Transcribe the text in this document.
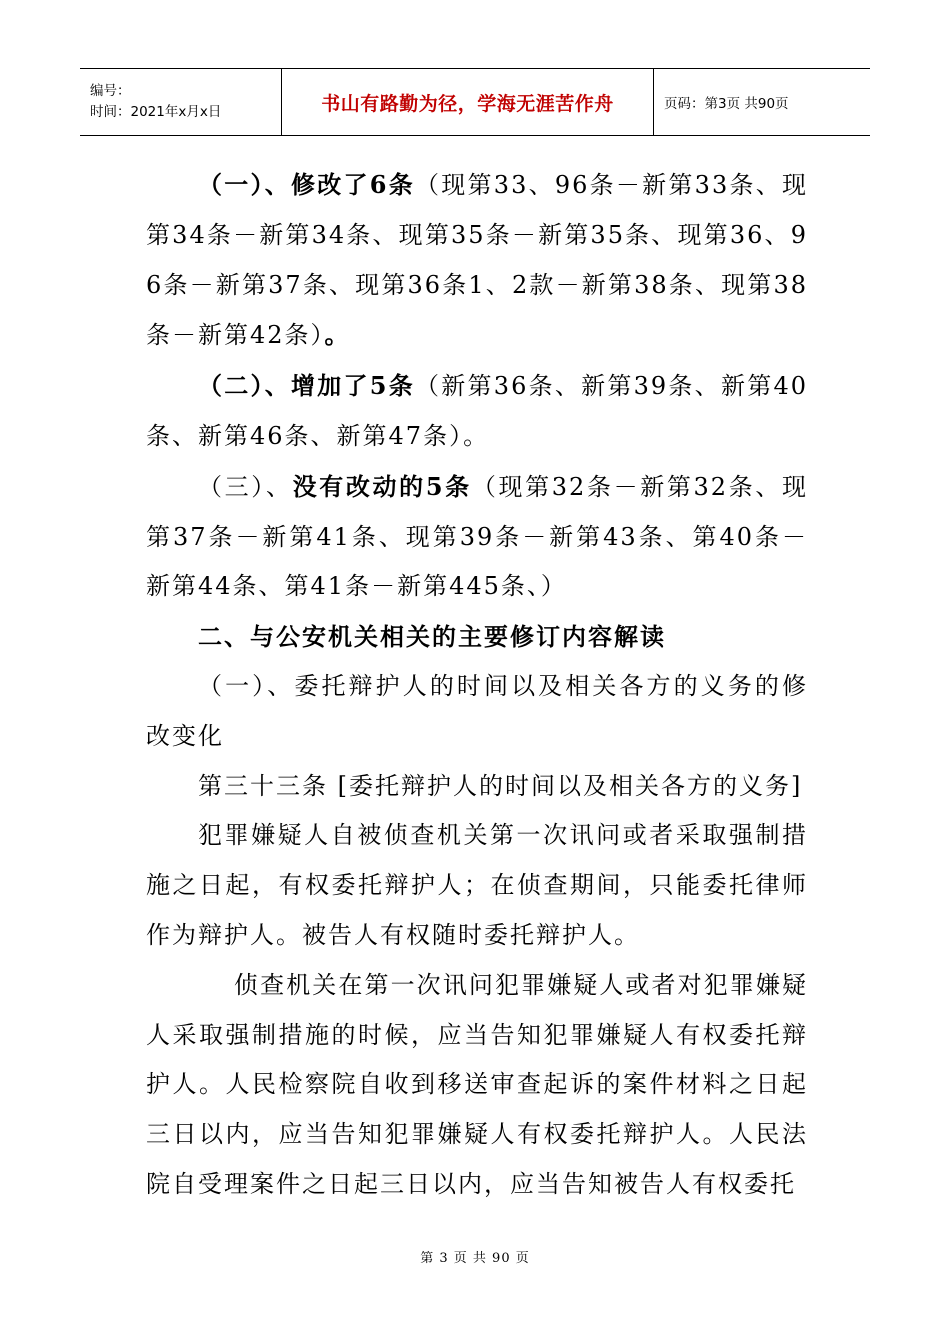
编号：
时间：2021年x月x日	书山有路勤为径，学海无涯苦作舟	页码：第3页 共90页

（一）、修改了6条（现第33、96条－新第33条、现第34条－新第34条、现第35条－新第35条、现第36、96条－新第37条、现第36条1、2款－新第38条、现第38条－新第42条）。

（二）、增加了5条（新第36条、新第39条、新第40条、新第46条、新第47条）。

（三）、没有改动的5条（现第32条－新第32条、现第37条－新第41条、现第39条－新第43条、第40条－新第44条、第41条－新第445条、）

二、与公安机关相关的主要修订内容解读

（一）、委托辩护人的时间以及相关各方的义务的修改变化

第三十三条 [委托辩护人的时间以及相关各方的义务]

犯罪嫌疑人自被侦查机关第一次讯问或者采取强制措施之日起，有权委托辩护人；在侦查期间，只能委托律师作为辩护人。被告人有权随时委托辩护人。

侦查机关在第一次讯问犯罪嫌疑人或者对犯罪嫌疑人采取强制措施的时候，应当告知犯罪嫌疑人有权委托辩护人。人民检察院自收到移送审查起诉的案件材料之日起三日以内，应当告知犯罪嫌疑人有权委托辩护人。人民法院自受理案件之日起三日以内，应当告知被告人有权委托

第 3 页 共 90 页
